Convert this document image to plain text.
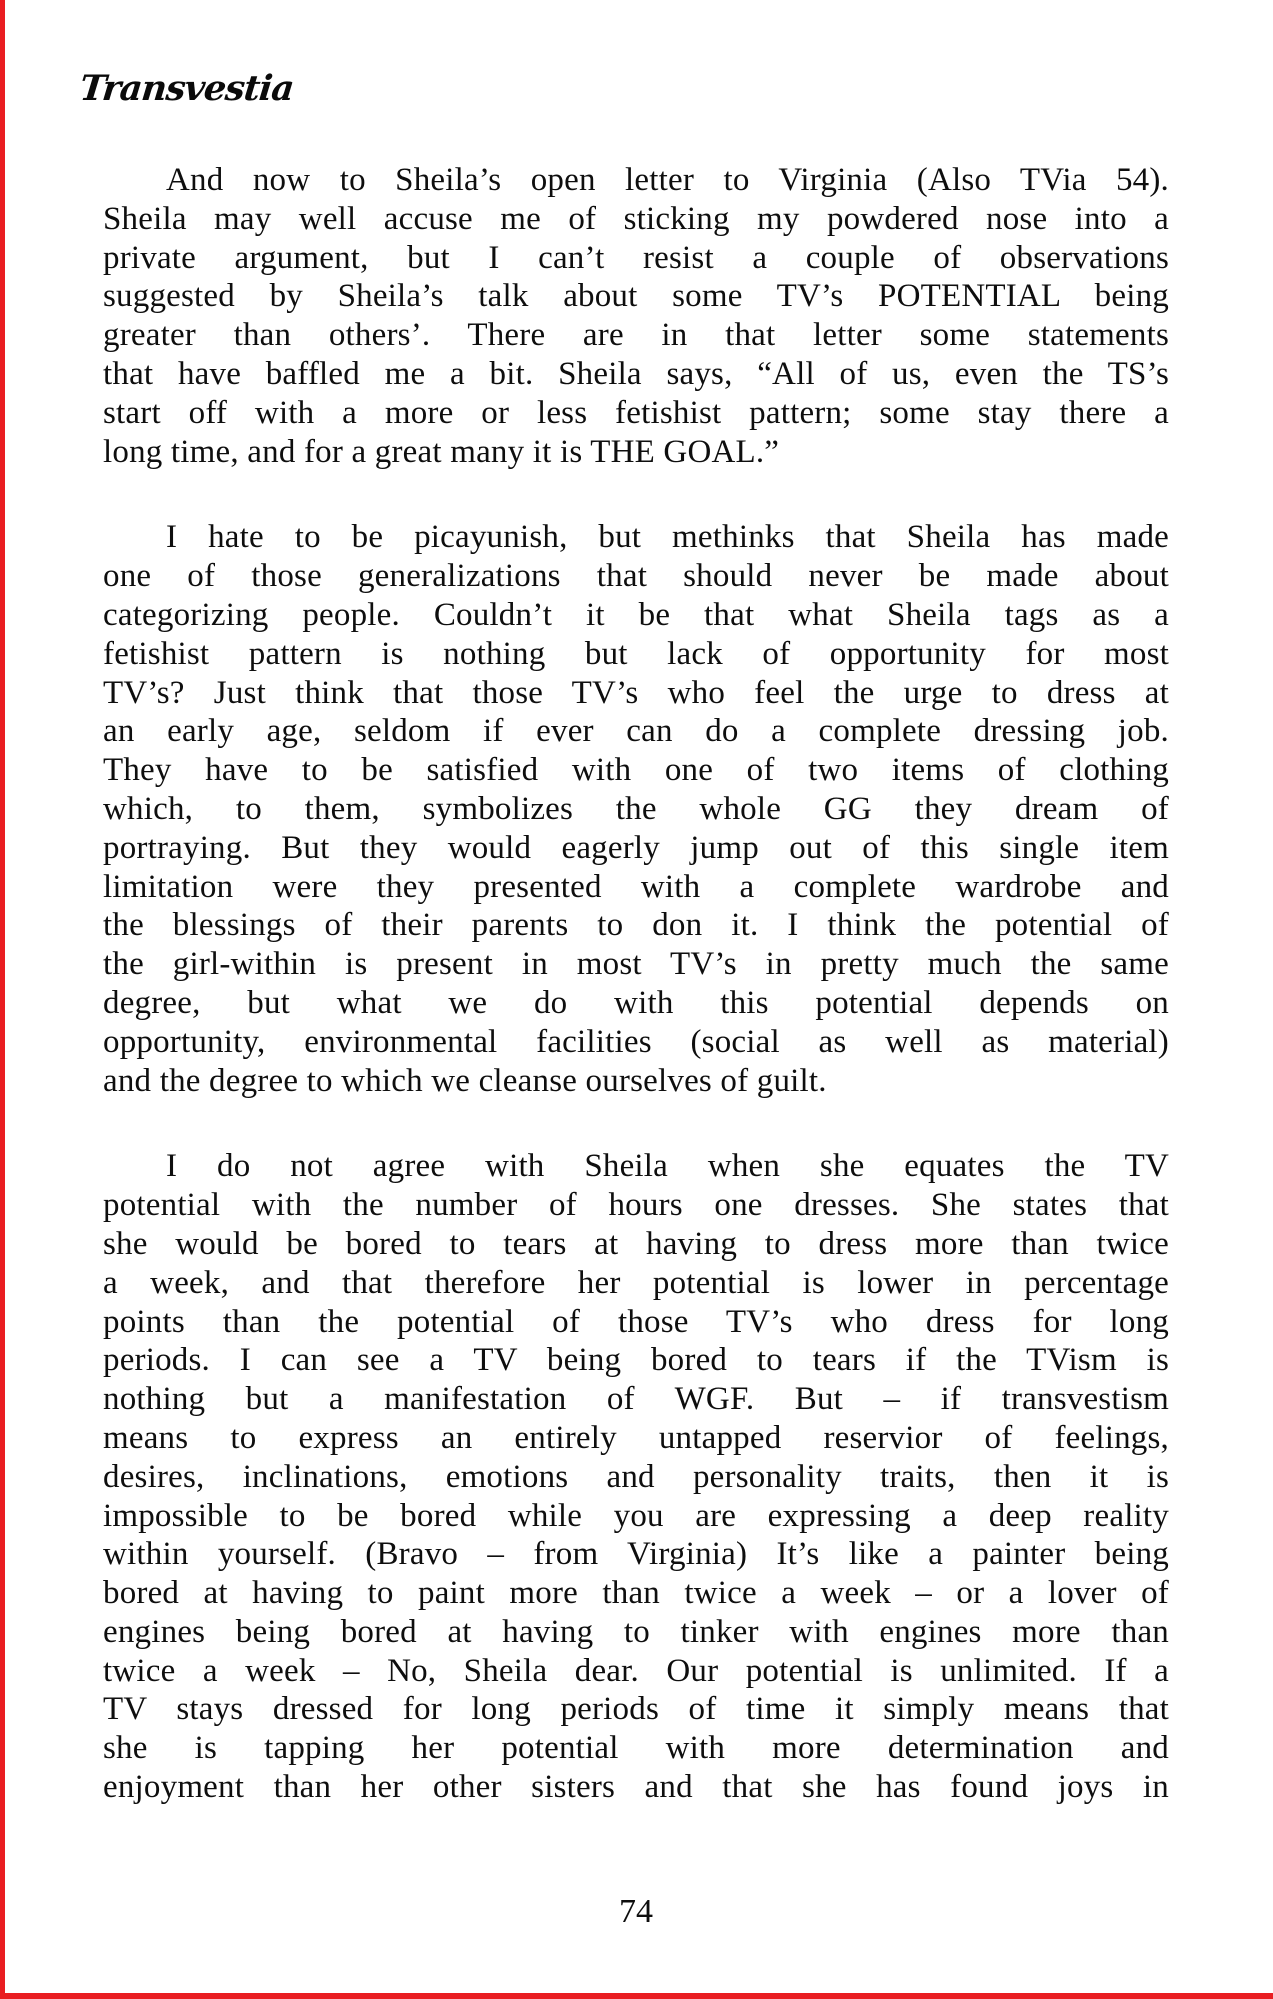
Transvestia
And now to Sheila’s open letter to Virginia (Also TVia 54).
Sheila may well accuse me of sticking my powdered nose into a
private argument, but I can’t resist a couple of observations
suggested by Sheila’s talk about some TV’s POTENTIAL being
greater than others’. There are in that letter some statements
that have baffled me a bit. Sheila says, “All of us, even the TS’s
start off with a more or less fetishist pattern; some stay there a
long time, and for a great many it is THE GOAL.”
I hate to be picayunish, but methinks that Sheila has made
one of those generalizations that should never be made about
categorizing people. Couldn’t it be that what Sheila tags as a
fetishist pattern is nothing but lack of opportunity for most
TV’s? Just think that those TV’s who feel the urge to dress at
an early age, seldom if ever can do a complete dressing job.
They have to be satisfied with one of two items of clothing
which, to them, symbolizes the whole GG they dream of
portraying. But they would eagerly jump out of this single item
limitation were they presented with a complete wardrobe and
the blessings of their parents to don it. I think the potential of
the girl-within is present in most TV’s in pretty much the same
degree, but what we do with this potential depends on
opportunity, environmental facilities (social as well as material)
and the degree to which we cleanse ourselves of guilt.
I do not agree with Sheila when she equates the TV
potential with the number of hours one dresses. She states that
she would be bored to tears at having to dress more than twice
a week, and that therefore her potential is lower in percentage
points than the potential of those TV’s who dress for long
periods. I can see a TV being bored to tears if the TVism is
nothing but a manifestation of WGF. But – if transvestism
means to express an entirely untapped reservior of feelings,
desires, inclinations, emotions and personality traits, then it is
impossible to be bored while you are expressing a deep reality
within yourself. (Bravo – from Virginia) It’s like a painter being
bored at having to paint more than twice a week – or a lover of
engines being bored at having to tinker with engines more than
twice a week – No, Sheila dear. Our potential is unlimited. If a
TV stays dressed for long periods of time it simply means that
she is tapping her potential with more determination and
enjoyment than her other sisters and that she has found joys in
74
